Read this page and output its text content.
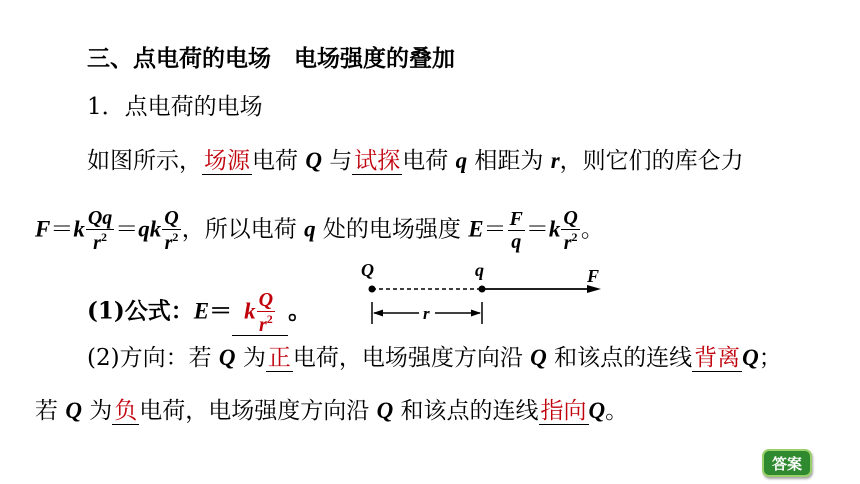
三、点电荷的电场　电场强度的叠加
1．点电荷的电场
如图所示，场源电荷 Q 与试探电荷 q 相距为 r，则它们的库仑力
$F=k \frac{Qq}{r^2} =qk \frac{Q}{r^2}$ ，所以电荷 q 处的电场强度 $E= \frac{F}{q} =k \frac{Q}{r^2}$ 。
(1)公式：E＝ k $\frac{Q}{r^2}$ 。
Q	q	F
r
(2)方向：若 Q 为正电荷，电场强度方向沿 Q 和该点的连线背离Q；
若 Q 为负电荷，电场强度方向沿 Q 和该点的连线指向Q。
答案
